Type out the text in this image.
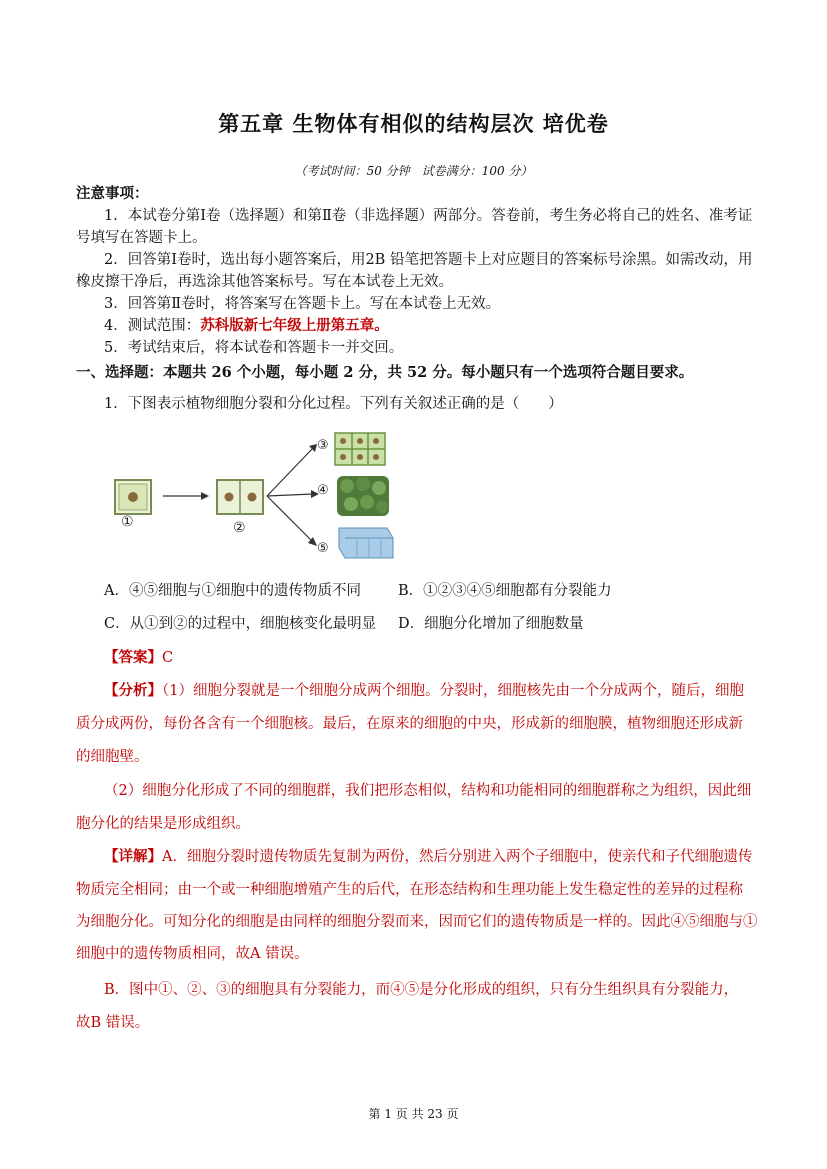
第五章 生物体有相似的结构层次 培优卷
（考试时间：50 分钟　试卷满分：100 分）
注意事项：
1．本试卷分第Ⅰ卷（选择题）和第Ⅱ卷（非选择题）两部分。答卷前，考生务必将自己的姓名、准考证
号填写在答题卡上。
2．回答第Ⅰ卷时，选出每小题答案后，用2B 铅笔把答题卡上对应题目的答案标号涂黑。如需改动，用
橡皮擦干净后，再选涂其他答案标号。写在本试卷上无效。
3．回答第Ⅱ卷时，将答案写在答题卡上。写在本试卷上无效。
4．测试范围：苏科版新七年级上册第五章。
5．考试结束后，将本试卷和答题卡一并交回。
一、选择题：本题共 26 个小题，每小题 2 分，共 52 分。每小题只有一个选项符合题目要求。
1．下图表示植物细胞分裂和分化过程。下列有关叙述正确的是（　　）
①	②
③
④
⑤
A．④⑤细胞与①细胞中的遗传物质不同	B．①②③④⑤细胞都有分裂能力
C．从①到②的过程中，细胞核变化最明显 D．细胞分化增加了细胞数量
【答案】C
【分析】（1）细胞分裂就是一个细胞分成两个细胞。分裂时，细胞核先由一个分成两个，随后，细胞
质分成两份，每份各含有一个细胞核。最后，在原来的细胞的中央，形成新的细胞膜，植物细胞还形成新
的细胞壁。
（2）细胞分化形成了不同的细胞群，我们把形态相似，结构和功能相同的细胞群称之为组织，因此细
胞分化的结果是形成组织。
【详解】A．细胞分裂时遗传物质先复制为两份，然后分别进入两个子细胞中，使亲代和子代细胞遗传
物质完全相同；由一个或一种细胞增殖产生的后代，在形态结构和生理功能上发生稳定性的差异的过程称
为细胞分化。可知分化的细胞是由同样的细胞分裂而来，因而它们的遗传物质是一样的。因此④⑤细胞与①
细胞中的遗传物质相同，故A 错误。
B．图中①、②、③的细胞具有分裂能力，而④⑤是分化形成的组织，只有分生组织具有分裂能力，
故B 错误。
第 1 页 共 23 页
